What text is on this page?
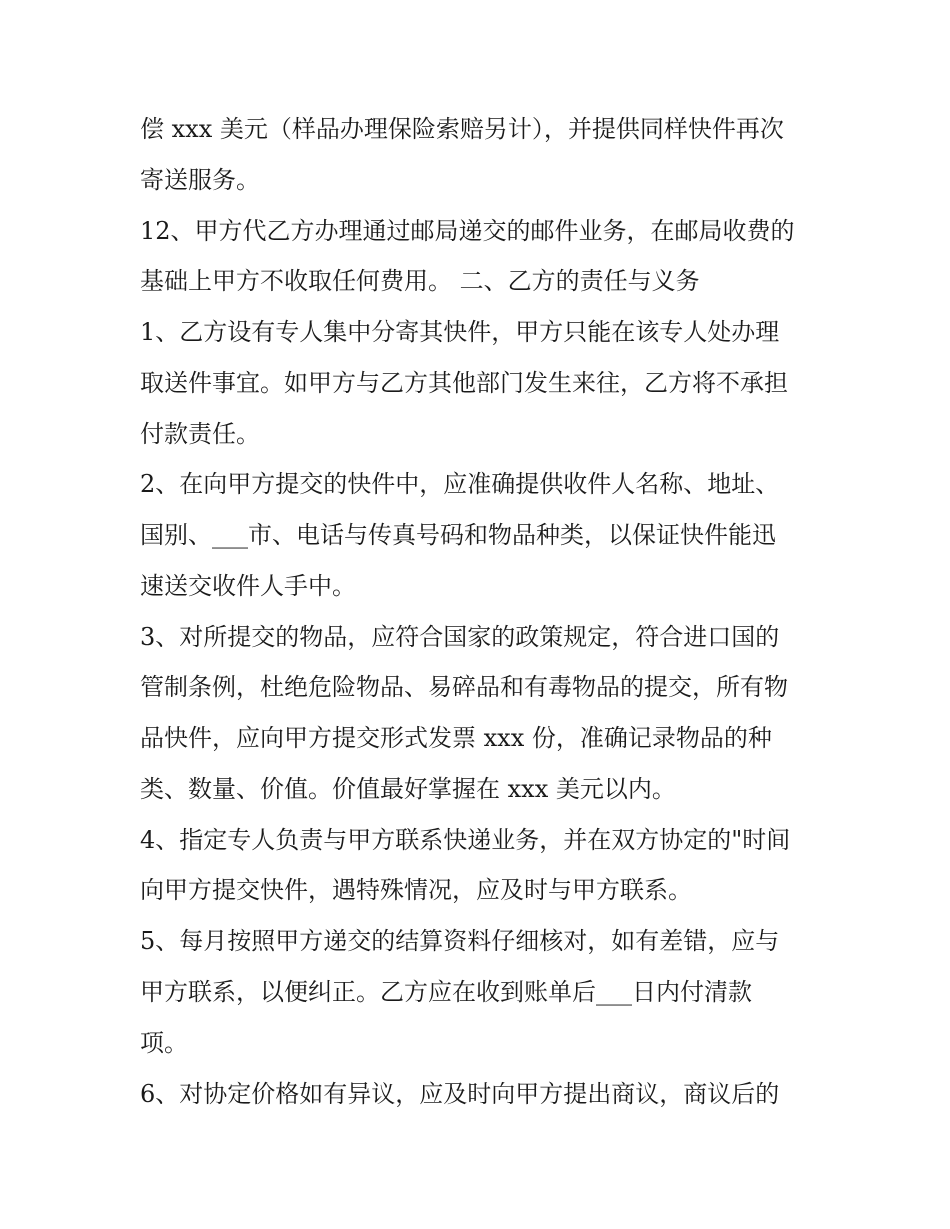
偿 xxx 美元（样品办理保险索赔另计），并提供同样快件再次
寄送服务。
12、甲方代乙方办理通过邮局递交的邮件业务，在邮局收费的
基础上甲方不收取任何费用。 二、乙方的责任与义务
1、乙方设有专人集中分寄其快件，甲方只能在该专人处办理
取送件事宜。如甲方与乙方其他部门发生来往，乙方将不承担
付款责任。
2、在向甲方提交的快件中，应准确提供收件人名称、地址、
国别、___市、电话与传真号码和物品种类，以保证快件能迅
速送交收件人手中。
3、对所提交的物品，应符合国家的政策规定，符合进口国的
管制条例，杜绝危险物品、易碎品和有毒物品的提交，所有物
品快件，应向甲方提交形式发票 xxx 份，准确记录物品的种
类、数量、价值。价值最好掌握在 xxx 美元以内。
4、指定专人负责与甲方联系快递业务，并在双方协定的"时间
向甲方提交快件，遇特殊情况，应及时与甲方联系。
5、每月按照甲方递交的结算资料仔细核对，如有差错，应与
甲方联系，以便纠正。乙方应在收到账单后___日内付清款
项。
6、对协定价格如有异议，应及时向甲方提出商议，商议后的
